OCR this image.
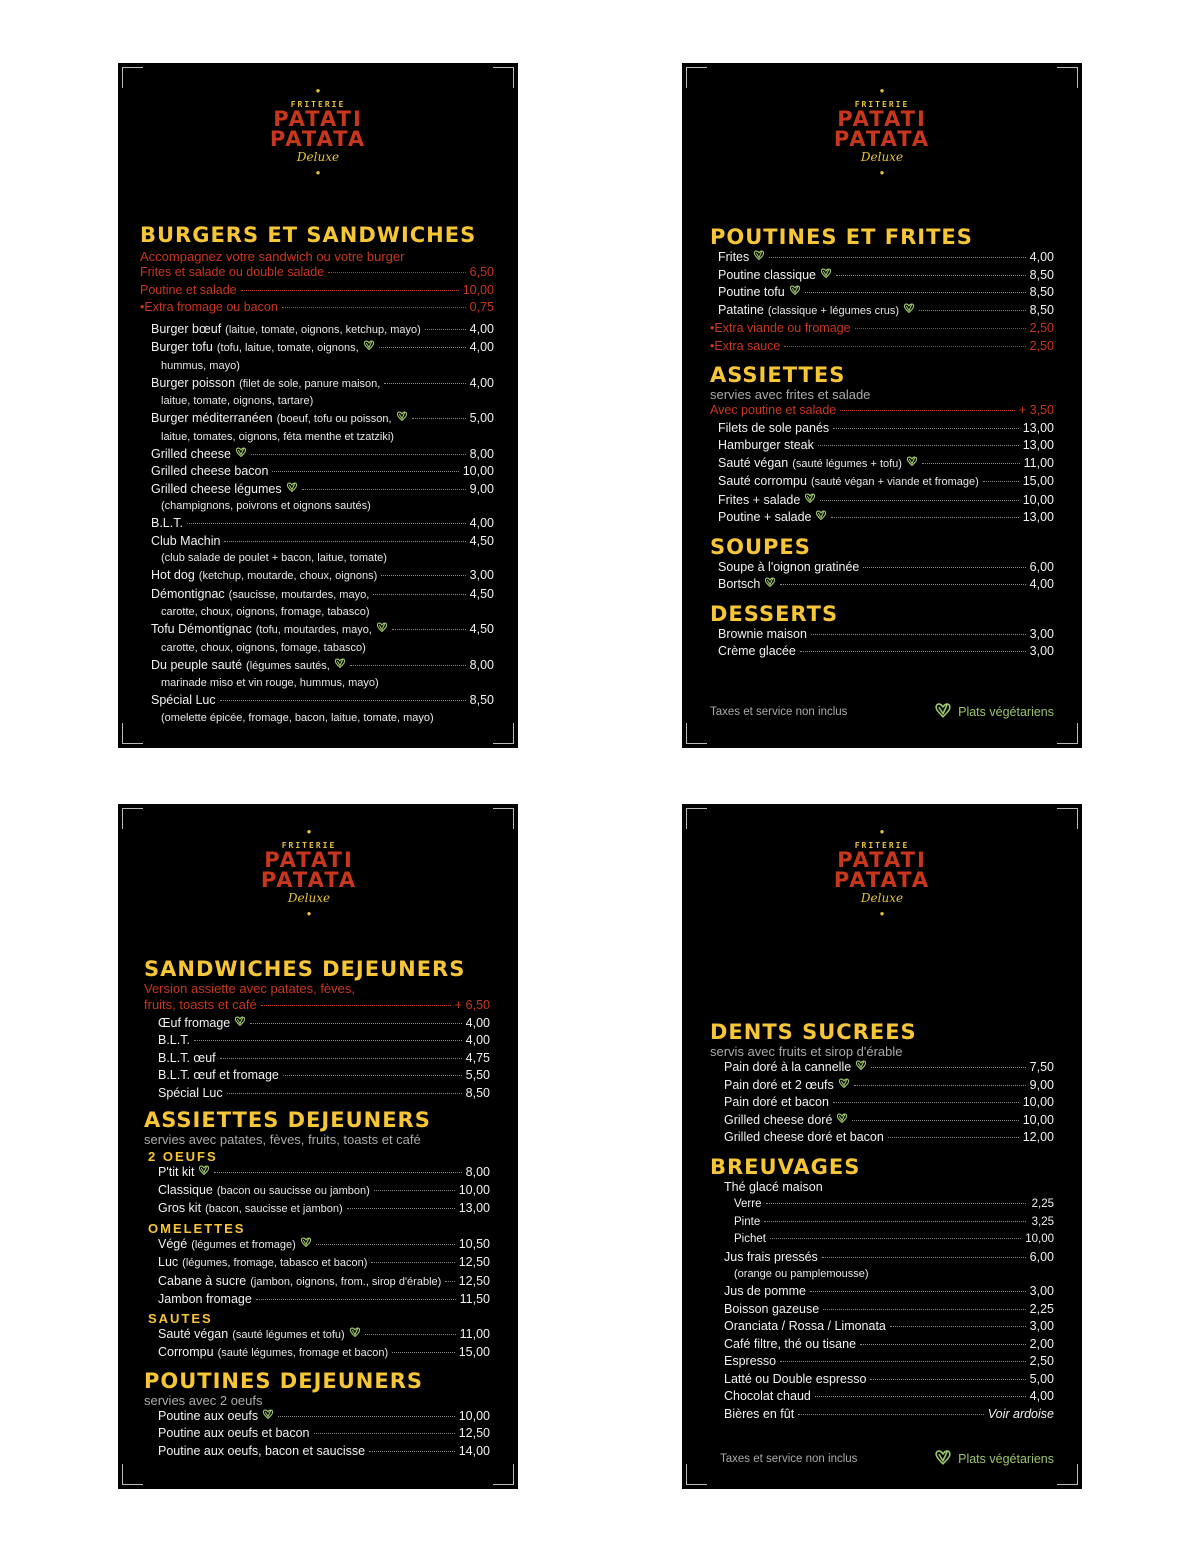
●
FRITERIE
PATATI
PATATA
Deluxe
●
BURGERS ET SANDWICHES
Accompagnez votre sandwich ou votre burger
Frites et salade ou double salade	6,50
Poutine et salade	10,00
•Extra fromage ou bacon	0,75
Burger bœuf (laitue, tomate, oignons, ketchup, mayo)	4,00
Burger tofu (tofu, laitue, tomate, oignons,	4,00
hummus, mayo)
Burger poisson (filet de sole, panure maison,	4,00
laitue, tomate, oignons, tartare)
Burger méditerranéen (boeuf, tofu ou poisson,	5,00
laitue, tomates, oignons, féta menthe et tzatziki)
Grilled cheese	8,00
Grilled cheese bacon	10,00
Grilled cheese légumes	9,00
(champignons, poivrons et oignons sautés)
B.L.T.	4,00
Club Machin	4,50
(club salade de poulet + bacon, laitue, tomate)
Hot dog (ketchup, moutarde, choux, oignons)	3,00
Démontignac (saucisse, moutardes, mayo,	4,50
carotte, choux, oignons, fromage, tabasco)
Tofu Démontignac (tofu, moutardes, mayo,	4,50
carotte, choux, oignons, fomage, tabasco)
Du peuple sauté (légumes sautés,	8,00
marinade miso et vin rouge, hummus, mayo)
Spécial Luc	8,50
(omelette épicée, fromage, bacon, laitue, tomate, mayo)
●
FRITERIE
PATATI
PATATA
Deluxe
●
POUTINES ET FRITES
Frites	4,00
Poutine classique	8,50
Poutine tofu	8,50
Patatine (classique + légumes crus)	8,50
•Extra viande ou fromage	2,50
•Extra sauce	2,50
ASSIETTES
servies avec frites et salade
Avec poutine et salade	+ 3,50
Filets de sole panés	13,00
Hamburger steak	13,00
Sauté végan (sauté légumes + tofu)	11,00
Sauté corrompu (sauté végan + viande et fromage)	15,00
Frites + salade	10,00
Poutine + salade	13,00
SOUPES
Soupe à l'oignon gratinée	6,00
Bortsch	4,00
DESSERTS
Brownie maison	3,00
Crème glacée	3,00
Taxes et service non inclus	Plats végétariens
●
FRITERIE
PATATI
PATATA
Deluxe
●
SANDWICHES DEJEUNERS
Version assiette avec patates, fèves,
fruits, toasts et café	+ 6,50
Œuf fromage	4,00
B.L.T.	4,00
B.L.T. œuf	4,75
B.L.T. œuf et fromage	5,50
Spécial Luc	8,50
ASSIETTES DEJEUNERS
servies avec patates, fèves, fruits, toasts et café
2 OEUFS
P'tit kit	8,00
Classique (bacon ou saucisse ou jambon)	10,00
Gros kit (bacon, saucisse et jambon)	13,00
OMELETTES
Végé (légumes et fromage)	10,50
Luc (légumes, fromage, tabasco et bacon)	12,50
Cabane à sucre (jambon, oignons, from., sirop d'érable) 12,50
Jambon fromage	11,50
SAUTES
Sauté végan (sauté légumes et tofu)	11,00
Corrompu (sauté légumes, fromage et bacon)	15,00
POUTINES DEJEUNERS
servies avec 2 oeufs
Poutine aux oeufs	10,00
Poutine aux oeufs et bacon	12,50
Poutine aux oeufs, bacon et saucisse	14,00
●
FRITERIE
PATATI
PATATA
Deluxe
●
DENTS SUCREES
servis avec fruits et sirop d'érable
Pain doré à la cannelle	7,50
Pain doré et 2 œufs	9,00
Pain doré et bacon	10,00
Grilled cheese doré	10,00
Grilled cheese doré et bacon	12,00
BREUVAGES
Thé glacé maison
Verre	2,25
Pinte	3,25
Pichet	10,00
Jus frais pressés	6,00
(orange ou pamplemousse)
Jus de pomme	3,00
Boisson gazeuse	2,25
Oranciata / Rossa / Limonata	3,00
Café filtre, thé ou tisane	2,00
Espresso	2,50
Latté ou Double espresso	5,00
Chocolat chaud	4,00
Bières en fût	Voir ardoise
Taxes et service non inclus	Plats végétariens
